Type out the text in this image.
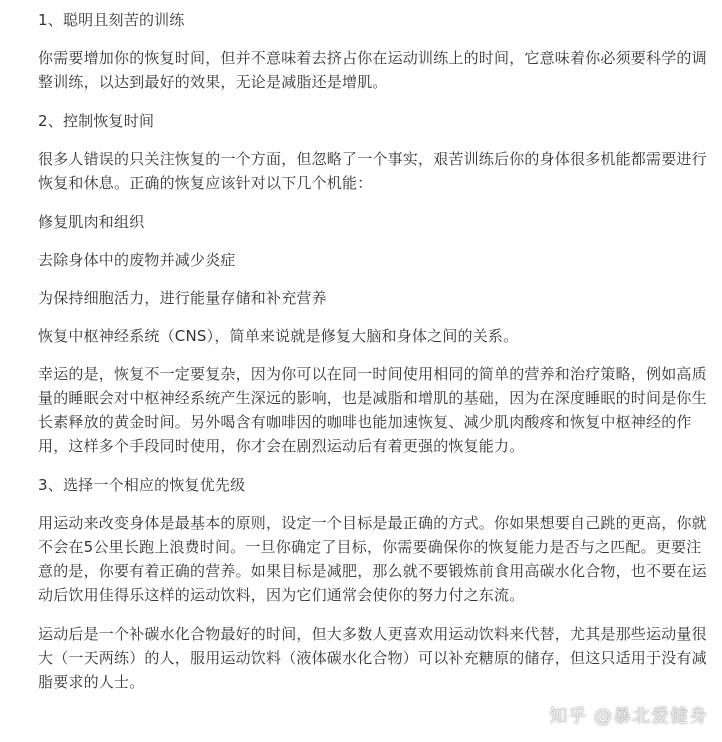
1、聪明且刻苦的训练

你需要增加你的恢复时间，但并不意味着去挤占你在运动训练上的时间，它意味着你必须要科学的调整训练，以达到最好的效果，无论是减脂还是增肌。

2、控制恢复时间

很多人错误的只关注恢复的一个方面，但忽略了一个事实，艰苦训练后你的身体很多机能都需要进行恢复和休息。正确的恢复应该针对以下几个机能：

修复肌肉和组织

去除身体中的废物并减少炎症

为保持细胞活力，进行能量存储和补充营养

恢复中枢神经系统（CNS），简单来说就是修复大脑和身体之间的关系。

幸运的是，恢复不一定要复杂，因为你可以在同一时间使用相同的简单的营养和治疗策略，例如高质量的睡眠会对中枢神经系统产生深远的影响，也是减脂和增肌的基础，因为在深度睡眠的时间是你生长素释放的黄金时间。另外喝含有咖啡因的咖啡也能加速恢复、减少肌肉酸疼和恢复中枢神经的作用，这样多个手段同时使用，你才会在剧烈运动后有着更强的恢复能力。

3、选择一个相应的恢复优先级

用运动来改变身体是最基本的原则，设定一个目标是最正确的方式。你如果想要自己跳的更高，你就不会在5公里长跑上浪费时间。一旦你确定了目标，你需要确保你的恢复能力是否与之匹配。更要注意的是，你要有着正确的营养。如果目标是减肥，那么就不要锻炼前食用高碳水化合物，也不要在运动后饮用佳得乐这样的运动饮料，因为它们通常会使你的努力付之东流。

运动后是一个补碳水化合物最好的时间，但大多数人更喜欢用运动饮料来代替，尤其是那些运动量很大（一天两练）的人，服用运动饮料（液体碳水化合物）可以补充糖原的储存，但这只适用于没有减脂要求的人士。

知乎 @暴北爱健身
